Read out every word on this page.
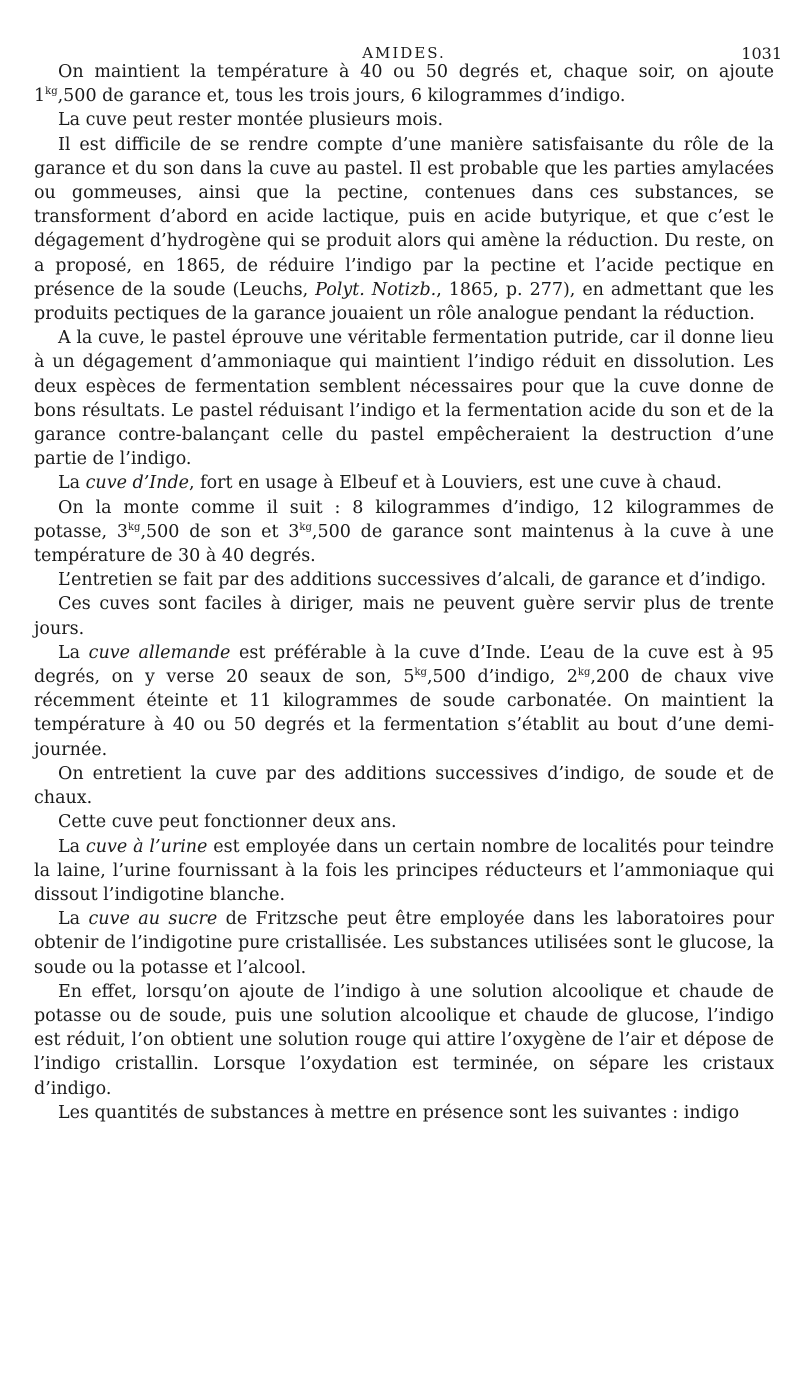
AMIDES.	1031

On maintient la température à 40 ou 50 degrés et, chaque soir, on ajoute $1^{kg},500$ de garance et, tous les trois jours, 6 kilogrammes d’indigo.

La cuve peut rester montée plusieurs mois.

Il est difficile de se rendre compte d’une manière satisfaisante du rôle de la garance et du son dans la cuve au pastel. Il est probable que les parties amylacées ou gommeuses, ainsi que la pectine, contenues dans ces substances, se transforment d’abord en acide lactique, puis en acide butyrique, et que c’est le dégagement d’hydrogène qui se produit alors qui amène la réduction. Du reste, on a proposé, en 1865, de réduire l’indigo par la pectine et l’acide pectique en présence de la soude (Leuchs, Polyt. Notizb., 1865, p. 277), en admettant que les produits pectiques de la garance jouaient un rôle analogue pendant la réduction.

A la cuve, le pastel éprouve une véritable fermentation putride, car il donne lieu à un dégagement d’ammoniaque qui maintient l’indigo réduit en dissolution. Les deux espèces de fermentation semblent nécessaires pour que la cuve donne de bons résultats. Le pastel réduisant l’indigo et la fermentation acide du son et de la garance contre-balançant celle du pastel empêcheraient la destruction d’une partie de l’indigo.

La cuve d’Inde, fort en usage à Elbeuf et à Louviers, est une cuve à chaud.

On la monte comme il suit : 8 kilogrammes d’indigo, 12 kilogrammes de potasse, $3^{kg},500$ de son et $3^{kg},500$ de garance sont maintenus à la cuve à une température de 30 à 40 degrés.

L’entretien se fait par des additions successives d’alcali, de garance et d’indigo.

Ces cuves sont faciles à diriger, mais ne peuvent guère servir plus de trente jours.

La cuve allemande est préférable à la cuve d’Inde. L’eau de la cuve est à 95 degrés, on y verse 20 seaux de son, $5^{kg},500$ d’indigo, $2^{kg},200$ de chaux vive récemment éteinte et 11 kilogrammes de soude carbonatée. On maintient la température à 40 ou 50 degrés et la fermentation s’établit au bout d’une demi-journée.

On entretient la cuve par des additions successives d’indigo, de soude et de chaux.

Cette cuve peut fonctionner deux ans.

La cuve à l’urine est employée dans un certain nombre de localités pour teindre la laine, l’urine fournissant à la fois les principes réducteurs et l’ammoniaque qui dissout l’indigotine blanche.

La cuve au sucre de Fritzsche peut être employée dans les laboratoires pour obtenir de l’indigotine pure cristallisée. Les substances utilisées sont le glucose, la soude ou la potasse et l’alcool.

En effet, lorsqu’on ajoute de l’indigo à une solution alcoolique et chaude de potasse ou de soude, puis une solution alcoolique et chaude de glucose, l’indigo est réduit, l’on obtient une solution rouge qui attire l’oxygène de l’air et dépose de l’indigo cristallin. Lorsque l’oxydation est terminée, on sépare les cristaux d’indigo.

Les quantités de substances à mettre en présence sont les suivantes : indigo
